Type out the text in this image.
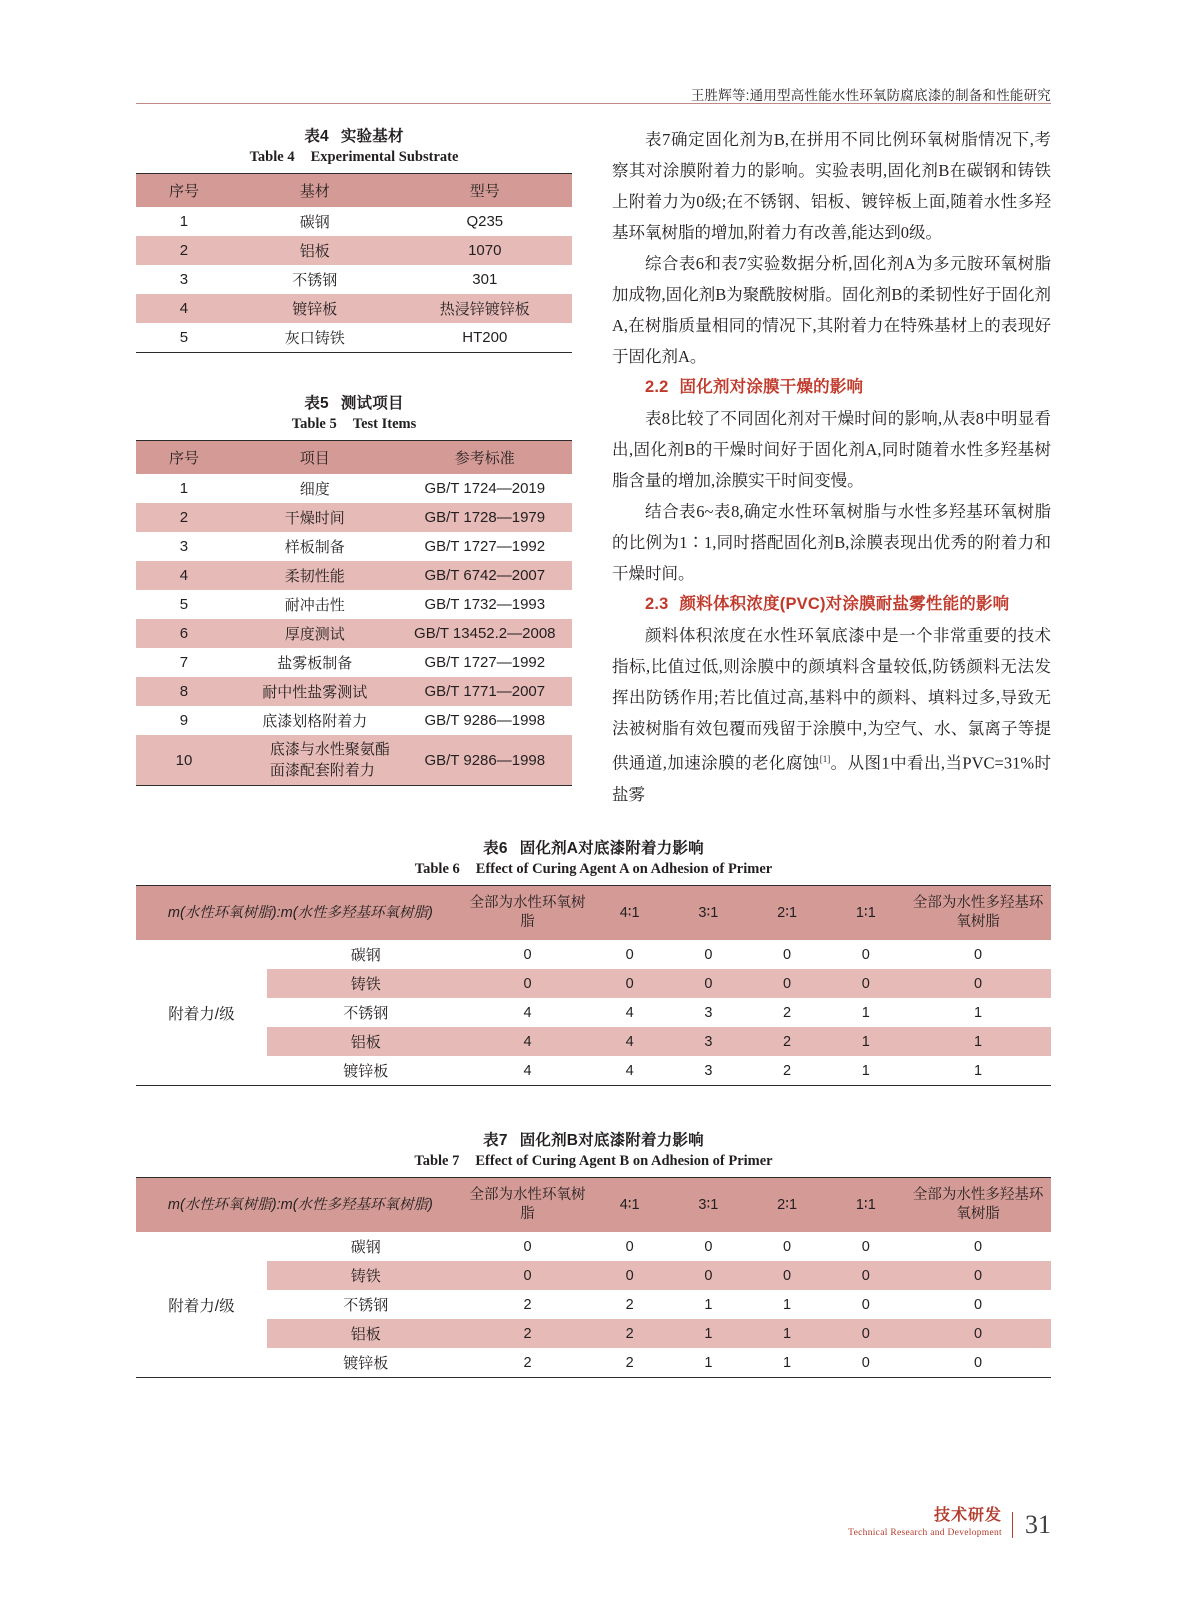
王胜辉等:通用型高性能水性环氧防腐底漆的制备和性能研究
表4 实验基材
Table 4 Experimental Substrate
序号	基材	型号
1	碳钢	Q235
2	铝板	1070
3	不锈钢	301
4	镀锌板	热浸锌镀锌板
5	灰口铸铁	HT200
表5 测试项目
Table 5 Test Items
序号	项目	参考标准
1	细度	GB/T 1724—2019
2	干燥时间	GB/T 1728—1979
3	样板制备	GB/T 1727—1992
4	柔韧性能	GB/T 6742—2007
5	耐冲击性	GB/T 1732—1993
6	厚度测试	GB/T 13452.2—2008
7	盐雾板制备	GB/T 1727—1992
8	耐中性盐雾测试	GB/T 1771—2007
9	底漆划格附着力	GB/T 9286—1998
10	底漆与水性聚氨酯面漆配套附着力	GB/T 9286—1998

表7确定固化剂为B,在拼用不同比例环氧树脂情况下,考察其对涂膜附着力的影响。实验表明,固化剂B在碳钢和铸铁上附着力为0级;在不锈钢、铝板、镀锌板上面,随着水性多羟基环氧树脂的增加,附着力有改善,能达到0级。

综合表6和表7实验数据分析,固化剂A为多元胺环氧树脂加成物,固化剂B为聚酰胺树脂。固化剂B的柔韧性好于固化剂A,在树脂质量相同的情况下,其附着力在特殊基材上的表现好于固化剂A。

2.2 固化剂对涂膜干燥的影响

表8比较了不同固化剂对干燥时间的影响,从表8中明显看出,固化剂B的干燥时间好于固化剂A,同时随着水性多羟基树脂含量的增加,涂膜实干时间变慢。

结合表6~表8,确定水性环氧树脂与水性多羟基环氧树脂的比例为1∶1,同时搭配固化剂B,涂膜表现出优秀的附着力和干燥时间。

2.3 颜料体积浓度(PVC)对涂膜耐盐雾性能的影响

颜料体积浓度在水性环氧底漆中是一个非常重要的技术指标,比值过低,则涂膜中的颜填料含量较低,防锈颜料无法发挥出防锈作用;若比值过高,基料中的颜料、填料过多,导致无法被树脂有效包覆而残留于涂膜中,为空气、水、氯离子等提供通道,加速涂膜的老化腐蚀[1]。从图1中看出,当PVC=31%时盐雾

表6 固化剂A对底漆附着力影响
Table 6 Effect of Curing Agent A on Adhesion of Primer
m(水性环氧树脂):m(水性多羟基环氧树脂)		全部为水性环氧树脂	4∶1	3∶1	2∶1	1∶1	全部为水性多羟基环氧树脂
附着力/级	碳钢	0	0	0	0	0	0
	铸铁	0	0	0	0	0	0
	不锈钢	4	4	3	2	1	1
	铝板	4	4	3	2	1	1
	镀锌板	4	4	3	2	1	1
表7 固化剂B对底漆附着力影响
Table 7 Effect of Curing Agent B on Adhesion of Primer
m(水性环氧树脂):m(水性多羟基环氧树脂)		全部为水性环氧树脂	4∶1	3∶1	2∶1	1∶1	全部为水性多羟基环氧树脂
附着力/级	碳钢	0	0	0	0	0	0
	铸铁	0	0	0	0	0	0
	不锈钢	2	2	1	1	0	0
	铝板	2	2	1	1	0	0
	镀锌板	2	2	1	1	0	0
技术研发
Technical Research and Development 31
